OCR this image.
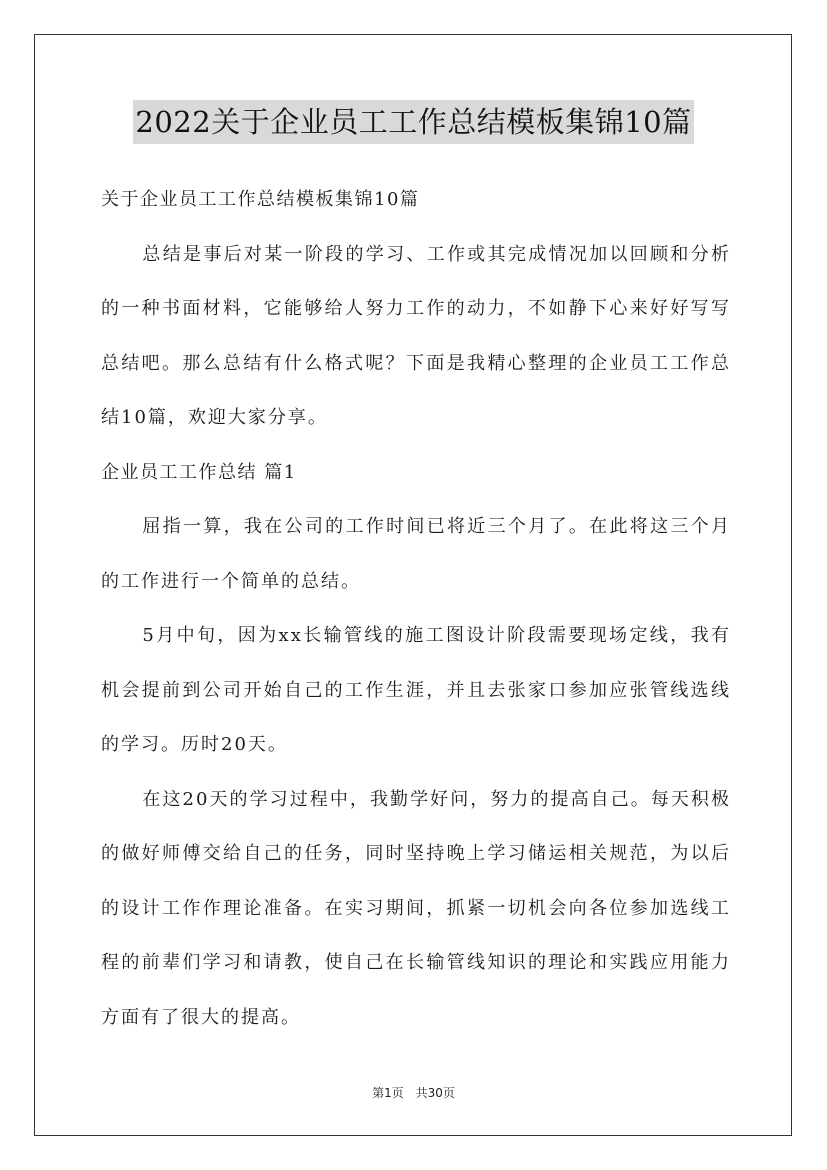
2022关于企业员工工作总结模板集锦10篇

关于企业员工工作总结模板集锦10篇

总结是事后对某一阶段的学习、工作或其完成情况加以回顾和分析的一种书面材料，它能够给人努力工作的动力，不如静下心来好好写写总结吧。那么总结有什么格式呢？下面是我精心整理的企业员工工作总结10篇，欢迎大家分享。

企业员工工作总结 篇1

屈指一算，我在公司的工作时间已将近三个月了。在此将这三个月的工作进行一个简单的总结。

5月中旬，因为xx长输管线的施工图设计阶段需要现场定线，我有机会提前到公司开始自己的工作生涯，并且去张家口参加应张管线选线的学习。历时20天。

在这20天的学习过程中，我勤学好问，努力的提高自己。每天积极的做好师傅交给自己的任务，同时坚持晚上学习储运相关规范，为以后的设计工作作理论准备。在实习期间，抓紧一切机会向各位参加选线工程的前辈们学习和请教，使自己在长输管线知识的理论和实践应用能力方面有了很大的提高。

第1页 共30页
